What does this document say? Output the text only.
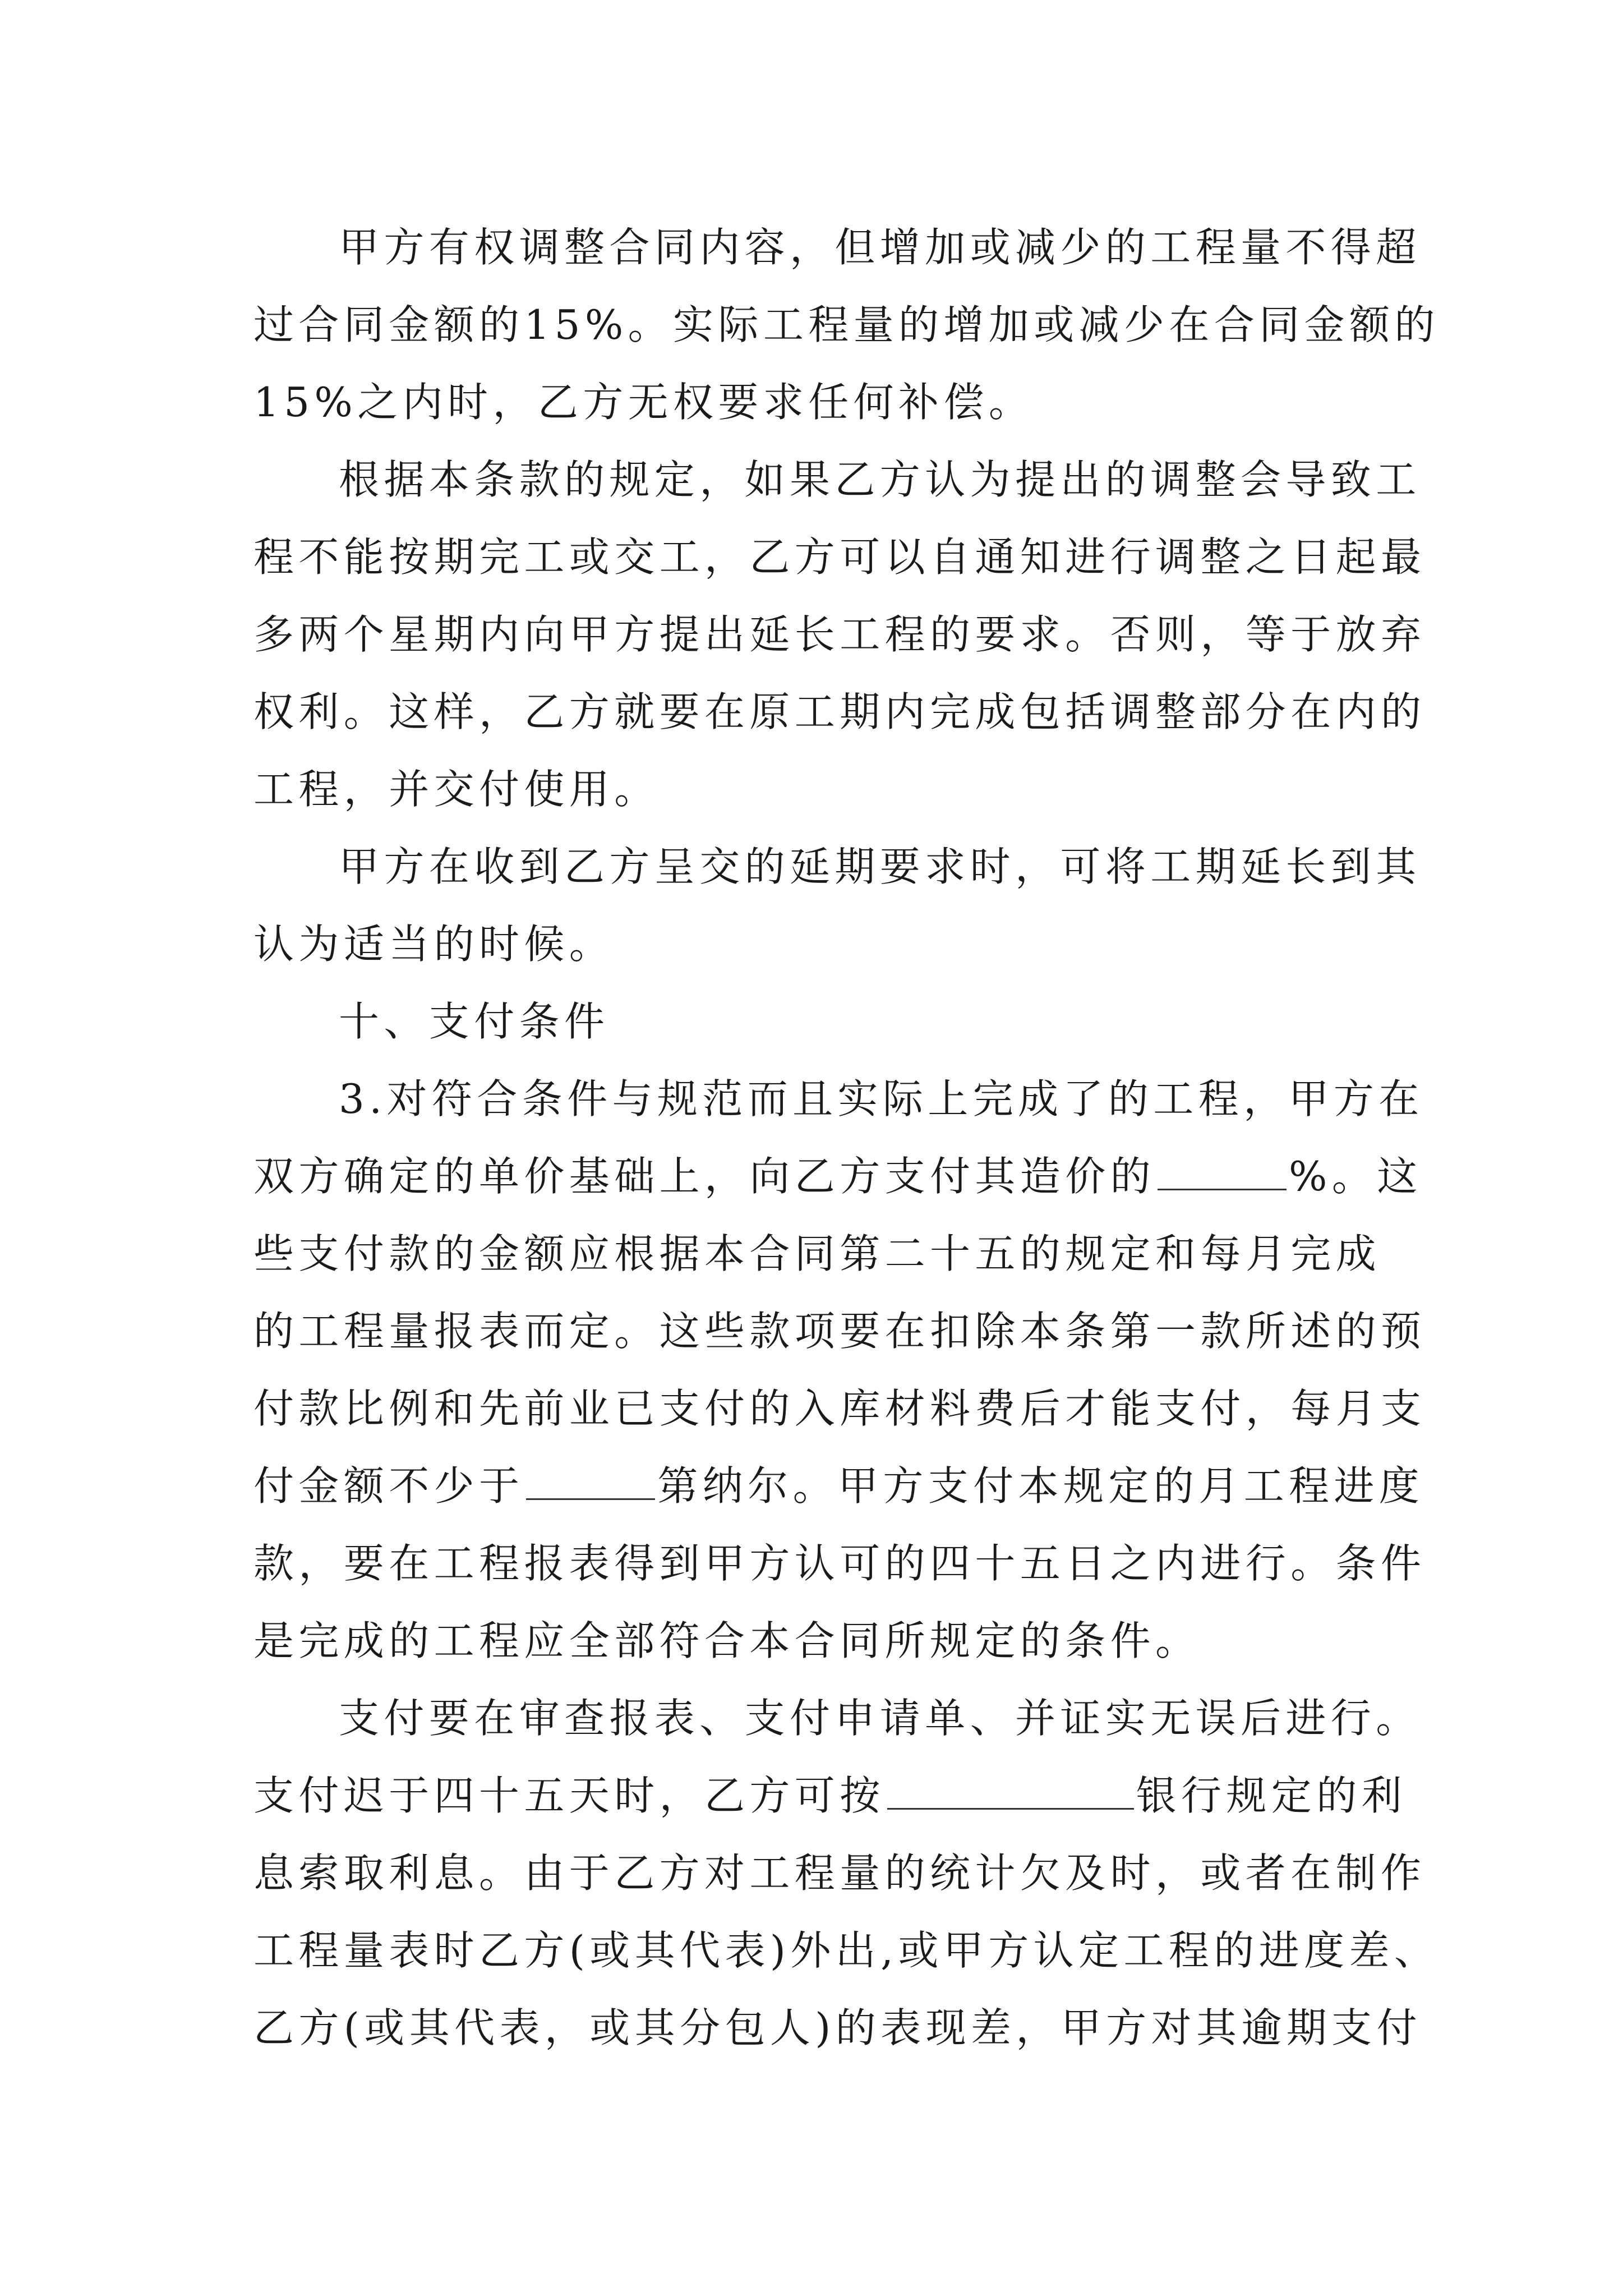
甲方有权调整合同内容，但增加或减少的工程量不得超
过合同金额的15%。实际工程量的增加或减少在合同金额的
15%之内时，乙方无权要求任何补偿。
根据本条款的规定，如果乙方认为提出的调整会导致工
程不能按期完工或交工，乙方可以自通知进行调整之日起最
多两个星期内向甲方提出延长工程的要求。否则，等于放弃
权利。这样，乙方就要在原工期内完成包括调整部分在内的
工程，并交付使用。
甲方在收到乙方呈交的延期要求时，可将工期延长到其
认为适当的时候。
十、支付条件
3.对符合条件与规范而且实际上完成了的工程，甲方在
双方确定的单价基础上，向乙方支付其造价的	%。这
些支付款的金额应根据本合同第二十五的规定和每月完成
的工程量报表而定。这些款项要在扣除本条第一款所述的预
付款比例和先前业已支付的入库材料费后才能支付，每月支
付金额不少于	第纳尔。甲方支付本规定的月工程进度
款，要在工程报表得到甲方认可的四十五日之内进行。条件
是完成的工程应全部符合本合同所规定的条件。
支付要在审查报表、支付申请单、并证实无误后进行。
支付迟于四十五天时，乙方可按	银行规定的利
息索取利息。由于乙方对工程量的统计欠及时，或者在制作
工程量表时乙方(或其代表)外出,或甲方认定工程的进度差、
乙方(或其代表，或其分包人)的表现差，甲方对其逾期支付
